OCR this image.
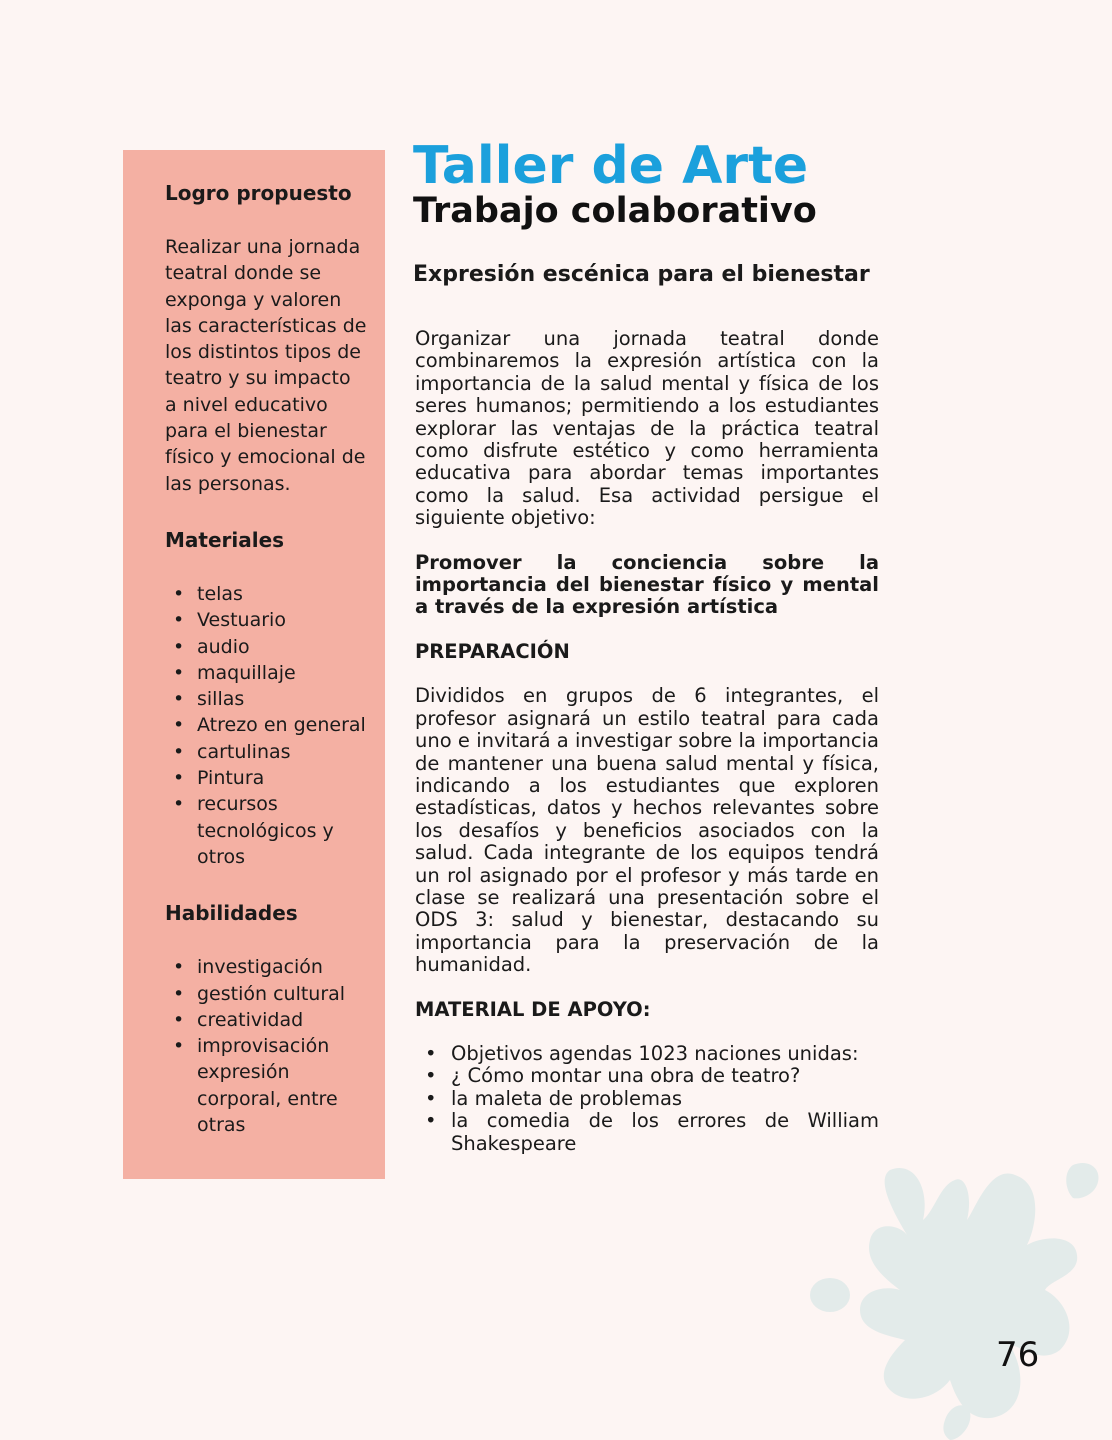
Logro propuesto

Realizar una jornada teatral donde se exponga y valoren las características de los distintos tipos de teatro y su impacto a nivel educativo para el bienestar físico y emocional de las personas.

Materiales
• telas
• Vestuario
• audio
• maquillaje
• sillas
• Atrezo en general
• cartulinas
• Pintura
• recursos tecnológicos y otros
Habilidades
• investigación
• gestión cultural
• creatividad
• improvisación expresión corporal, entre otras
Taller de Arte
Trabajo colaborativo
Expresión escénica para el bienestar

Organizar una jornada teatral donde combinaremos la expresión artística con la importancia de la salud mental y física de los seres humanos; permitiendo a los estudiantes explorar las ventajas de la práctica teatral como disfrute estético y como herramienta educativa para abordar temas importantes como la salud. Esa actividad persigue el siguiente objetivo:

Promover la conciencia sobre la importancia del bienestar físico y mental a través de la expresión artística

PREPARACIÓN

Divididos en grupos de 6 integrantes, el profesor asignará un estilo teatral para cada uno e invitará a investigar sobre la importancia de mantener una buena salud mental y física, indicando a los estudiantes que exploren estadísticas, datos y hechos relevantes sobre los desafíos y beneficios asociados con la salud. Cada integrante de los equipos tendrá un rol asignado por el profesor y más tarde en clase se realizará una presentación sobre el ODS 3: salud y bienestar, destacando su importancia para la preservación de la humanidad.

MATERIAL DE APOYO:

• Objetivos agendas 1023 naciones unidas:
• ¿ Cómo montar una obra de teatro?
• la maleta de problemas
• la comedia de los errores de William Shakespeare
76
